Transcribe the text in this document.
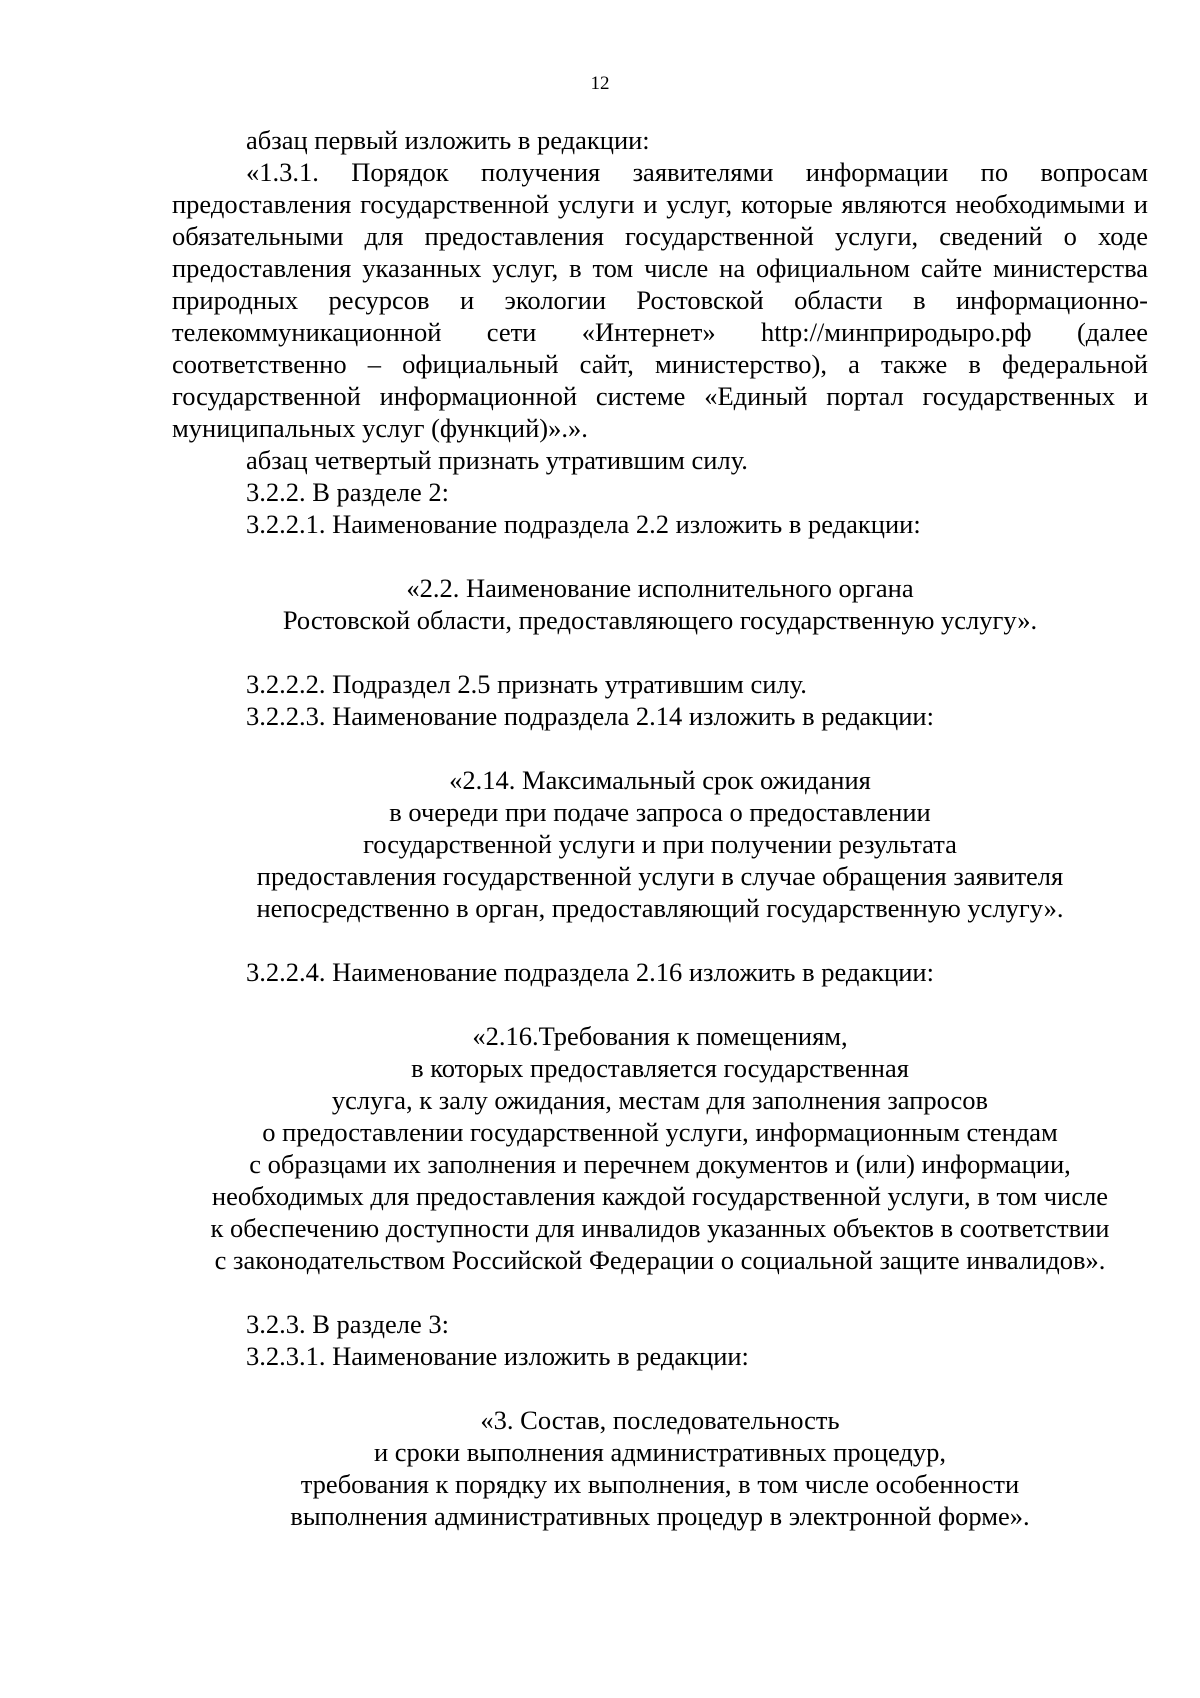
12

абзац первый изложить в редакции:

«1.3.1. Порядок получения заявителями информации по вопросам предоставления государственной услуги и услуг, которые являются необходимыми и обязательными для предоставления государственной услуги, сведений о ходе предоставления указанных услуг, в том числе на официальном сайте министерства природных ресурсов и экологии Ростовской области в информационно-телекоммуникационной сети «Интернет» http://минприродыро.рф (далее соответственно – официальный сайт, министерство), а также в федеральной государственной информационной системе «Единый портал государственных и муниципальных услуг (функций)».».

абзац четвертый признать утратившим силу.

3.2.2. В разделе 2:

3.2.2.1. Наименование подраздела 2.2 изложить в редакции:

«2.2. Наименование исполнительного органа
Ростовской области, предоставляющего государственную услугу».

3.2.2.2. Подраздел 2.5 признать утратившим силу.

3.2.2.3. Наименование подраздела 2.14 изложить в редакции:

«2.14. Максимальный срок ожидания
в очереди при подаче запроса о предоставлении
государственной услуги и при получении результата
предоставления государственной услуги в случае обращения заявителя
непосредственно в орган, предоставляющий государственную услугу».

3.2.2.4. Наименование подраздела 2.16 изложить в редакции:

«2.16.Требования к помещениям,
в которых предоставляется государственная
услуга, к залу ожидания, местам для заполнения запросов
о предоставлении государственной услуги, информационным стендам
с образцами их заполнения и перечнем документов и (или) информации,
необходимых для предоставления каждой государственной услуги, в том числе
к обеспечению доступности для инвалидов указанных объектов в соответствии
с законодательством Российской Федерации о социальной защите инвалидов».

3.2.3. В разделе 3:

3.2.3.1. Наименование изложить в редакции:

«3. Состав, последовательность
и сроки выполнения административных процедур,
требования к порядку их выполнения, в том числе особенности
выполнения административных процедур в электронной форме».
